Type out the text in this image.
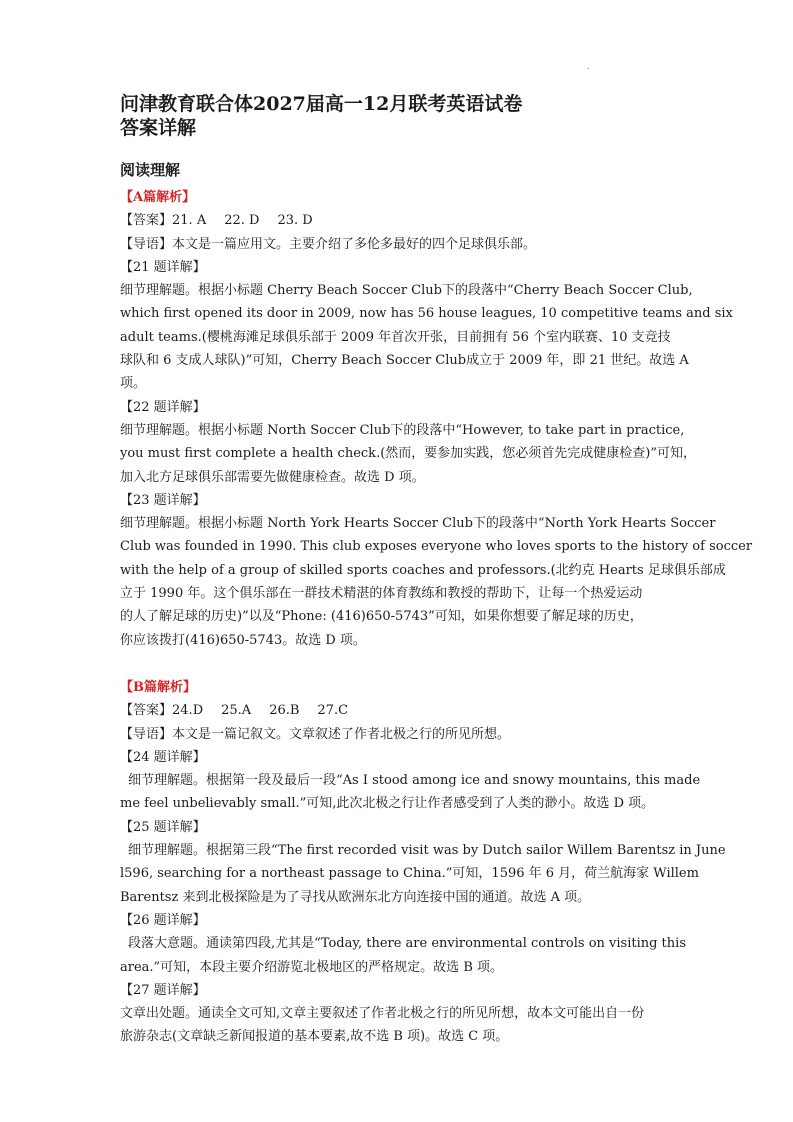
.
问津教育联合体2027届高一12月联考英语试卷
答案详解
阅读理解
【A篇解析】
【答案】21. A 22. D 23. D
【导语】本文是一篇应用文。主要介绍了多伦多最好的四个足球俱乐部。
【21 题详解】
细节理解题。根据小标题 Cherry Beach Soccer Club下的段落中“Cherry Beach Soccer Club,
which first opened its door in 2009, now has 56 house leagues, 10 competitive teams and six
adult teams.(樱桃海滩足球俱乐部于 2009 年首次开张，目前拥有 56 个室内联赛、10 支竞技
球队和 6 支成人球队)”可知，Cherry Beach Soccer Club成立于 2009 年，即 21 世纪。故选 A
项。
【22 题详解】
细节理解题。根据小标题 North Soccer Club下的段落中“However, to take part in practice,
you must first complete a health check.(然而，要参加实践，您必须首先完成健康检查)”可知，
加入北方足球俱乐部需要先做健康检查。故选 D 项。
【23 题详解】
细节理解题。根据小标题 North York Hearts Soccer Club下的段落中“North York Hearts Soccer
Club was founded in 1990. This club exposes everyone who loves sports to the history of soccer
with the help of a group of skilled sports coaches and professors.(北约克 Hearts 足球俱乐部成
立于 1990 年。这个俱乐部在一群技术精湛的体育教练和教授的帮助下，让每一个热爱运动
的人了解足球的历史)”以及“Phone: (416)650-5743”可知，如果你想要了解足球的历史，
你应该拨打(416)650-5743。故选 D 项。
【B篇解析】
【答案】24.D 25.A 26.B 27.C
【导语】本文是一篇记叙文。文章叙述了作者北极之行的所见所想。
【24 题详解】
细节理解题。根据第一段及最后一段“As I stood among ice and snowy mountains, this made
me feel unbelievably small.”可知,此次北极之行让作者感受到了人类的渺小。故选 D 项。
【25 题详解】
细节理解题。根据第三段“The first recorded visit was by Dutch sailor Willem Barentsz in June
l596, searching for a northeast passage to China.”可知，1596 年 6 月，荷兰航海家 Willem
Barentsz 来到北极探险是为了寻找从欧洲东北方向连接中国的通道。故选 A 项。
【26 题详解】
段落大意题。通读第四段,尤其是“Today, there are environmental controls on visiting this
area.”可知，本段主要介绍游览北极地区的严格规定。故选 B 项。
【27 题详解】
文章出处题。通读全文可知,文章主要叙述了作者北极之行的所见所想，故本文可能出自一份
旅游杂志(文章缺乏新闻报道的基本要素,故不选 B 项)。故选 C 项。
